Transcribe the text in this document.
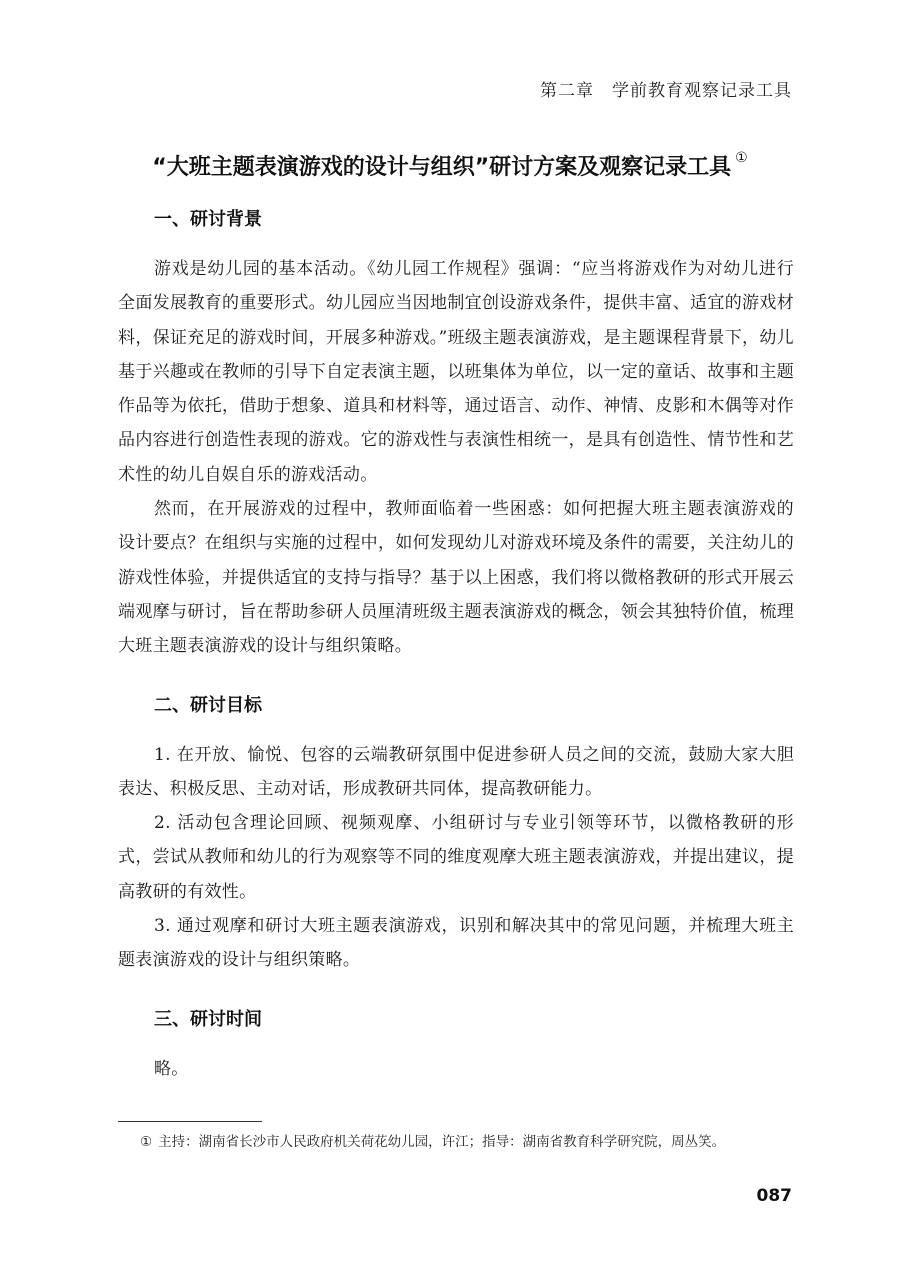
第二章 学前教育观察记录工具
“大班主题表演游戏的设计与组织”研讨方案及观察记录工具 ①
一、研讨背景

游戏是幼儿园的基本活动。《幼儿园工作规程》强调：“应当将游戏作为对幼儿进行全面发展教育的重要形式。幼儿园应当因地制宜创设游戏条件，提供丰富、适宜的游戏材料，保证充足的游戏时间，开展多种游戏。”班级主题表演游戏，是主题课程背景下，幼儿基于兴趣或在教师的引导下自定表演主题，以班集体为单位，以一定的童话、故事和主题作品等为依托，借助于想象、道具和材料等，通过语言、动作、神情、皮影和木偶等对作品内容进行创造性表现的游戏。它的游戏性与表演性相统一，是具有创造性、情节性和艺术性的幼儿自娱自乐的游戏活动。

然而，在开展游戏的过程中，教师面临着一些困惑：如何把握大班主题表演游戏的设计要点？在组织与实施的过程中，如何发现幼儿对游戏环境及条件的需要，关注幼儿的游戏性体验，并提供适宜的支持与指导？基于以上困惑，我们将以微格教研的形式开展云端观摩与研讨，旨在帮助参研人员厘清班级主题表演游戏的概念，领会其独特价值，梳理大班主题表演游戏的设计与组织策略。

二、研讨目标

1. 在开放、愉悦、包容的云端教研氛围中促进参研人员之间的交流，鼓励大家大胆表达、积极反思、主动对话，形成教研共同体，提高教研能力。

2. 活动包含理论回顾、视频观摩、小组研讨与专业引领等环节，以微格教研的形式，尝试从教师和幼儿的行为观察等不同的维度观摩大班主题表演游戏，并提出建议，提高教研的有效性。

3. 通过观摩和研讨大班主题表演游戏，识别和解决其中的常见问题，并梳理大班主题表演游戏的设计与组织策略。

三、研讨时间

略。

① 主持：湖南省长沙市人民政府机关荷花幼儿园，许江；指导：湖南省教育科学研究院，周丛笑。
087
